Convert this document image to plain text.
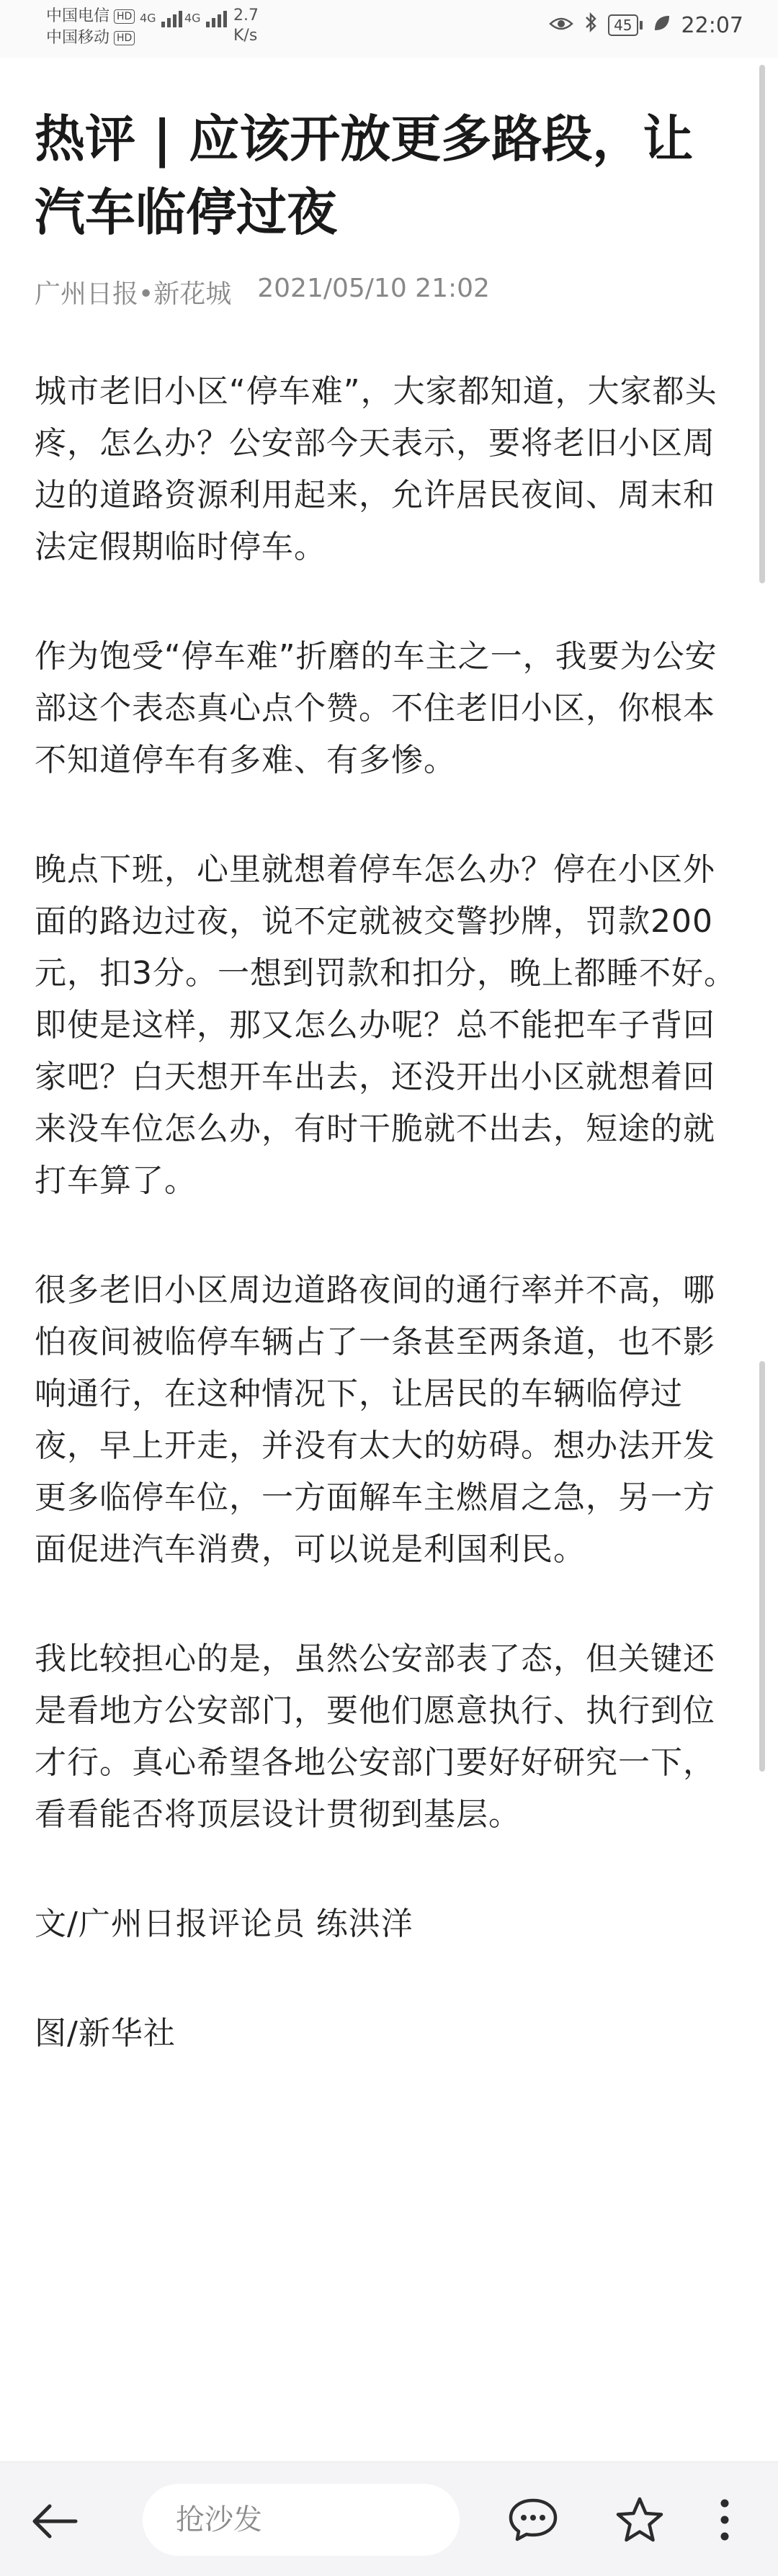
中国电信 HD
中国移动 HD
4G	4G	2.7
K/s
45 22:07
热评 | 应该开放更多路段，让汽车临停过夜
广州日报•新花城 2021/05/10 21:02

城市老旧小区“停车难”，大家都知道，大家都头疼，怎么办？公安部今天表示，要将老旧小区周边的道路资源利用起来，允许居民夜间、周末和法定假期临时停车。

作为饱受“停车难”折磨的车主之一，我要为公安部这个表态真心点个赞。不住老旧小区，你根本不知道停车有多难、有多惨。

晚点下班，心里就想着停车怎么办？停在小区外面的路边过夜，说不定就被交警抄牌，罚款200元，扣3分。一想到罚款和扣分，晚上都睡不好。即使是这样，那又怎么办呢？总不能把车子背回家吧？白天想开车出去，还没开出小区就想着回来没车位怎么办，有时干脆就不出去，短途的就打车算了。

很多老旧小区周边道路夜间的通行率并不高，哪怕夜间被临停车辆占了一条甚至两条道，也不影响通行，在这种情况下，让居民的车辆临停过夜，早上开走，并没有太大的妨碍。想办法开发更多临停车位，一方面解车主燃眉之急，另一方面促进汽车消费，可以说是利国利民。

我比较担心的是，虽然公安部表了态，但关键还是看地方公安部门，要他们愿意执行、执行到位才行。真心希望各地公安部门要好好研究一下，看看能否将顶层设计贯彻到基层。

文/广州日报评论员 练洪洋

图/新华社

抢沙发
